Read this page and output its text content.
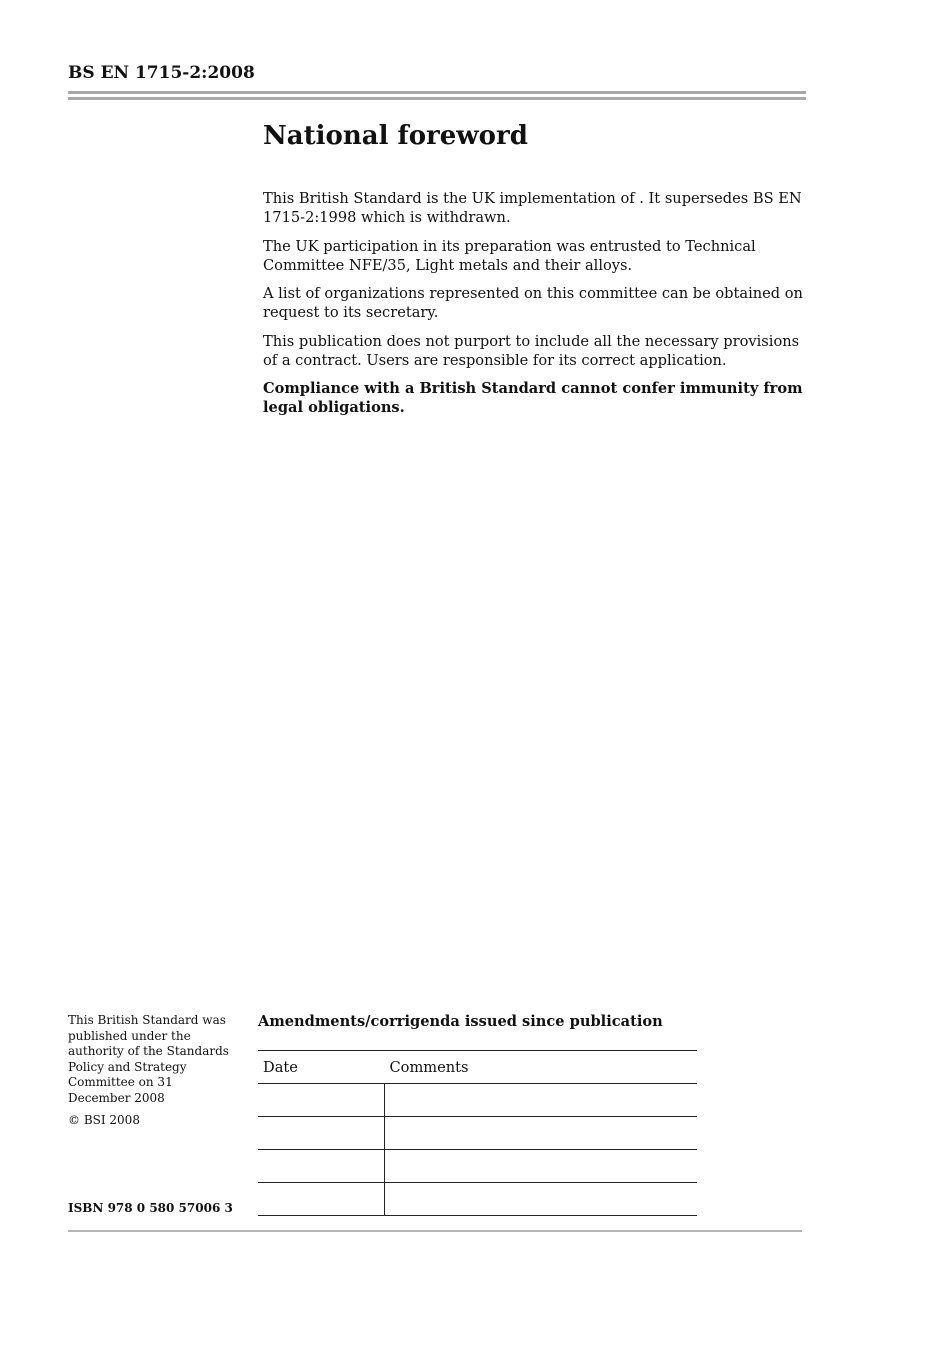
BS EN 1715-2:2008
National foreword

This British Standard is the UK implementation of . It supersedes BS EN 1715-2:1998 which is withdrawn.

The UK participation in its preparation was entrusted to Technical Committee NFE/35, Light metals and their alloys.

A list of organizations represented on this committee can be obtained on request to its secretary.

This publication does not purport to include all the necessary provisions of a contract. Users are responsible for its correct application.

Compliance with a British Standard cannot confer immunity from legal obligations.

This British Standard was published under the authority of the Standards Policy and Strategy Committee on 31 December 2008

© BSI 2008

ISBN 978 0 580 57006 3
Amendments/corrigenda issued since publication
Date	Comments
